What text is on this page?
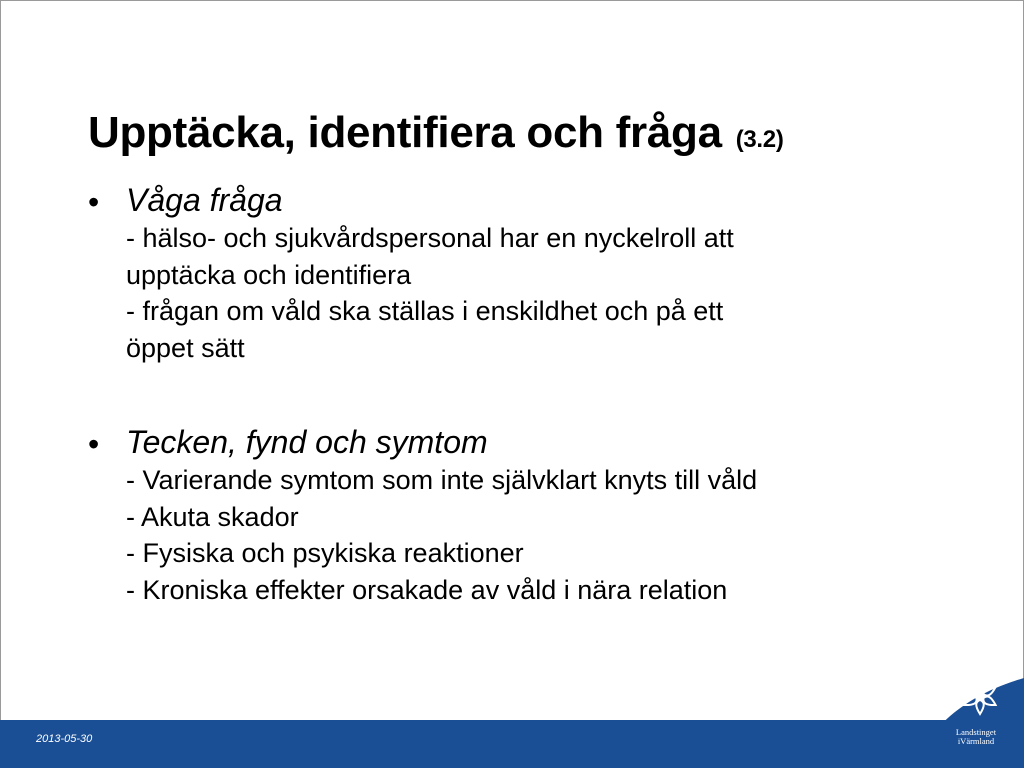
Upptäcka, identifiera och fråga (3.2)
• Våga fråga
- hälso- och sjukvårdspersonal har en nyckelroll att
upptäcka och identifiera
- frågan om våld ska ställas i enskildhet och på ett
öppet sätt
• Tecken, fynd och symtom
- Varierande symtom som inte självklart knyts till våld
- Akuta skador
- Fysiska och psykiska reaktioner
- Kroniska effekter orsakade av våld i nära relation
Landstinget
iVärmland
2013-05-30
